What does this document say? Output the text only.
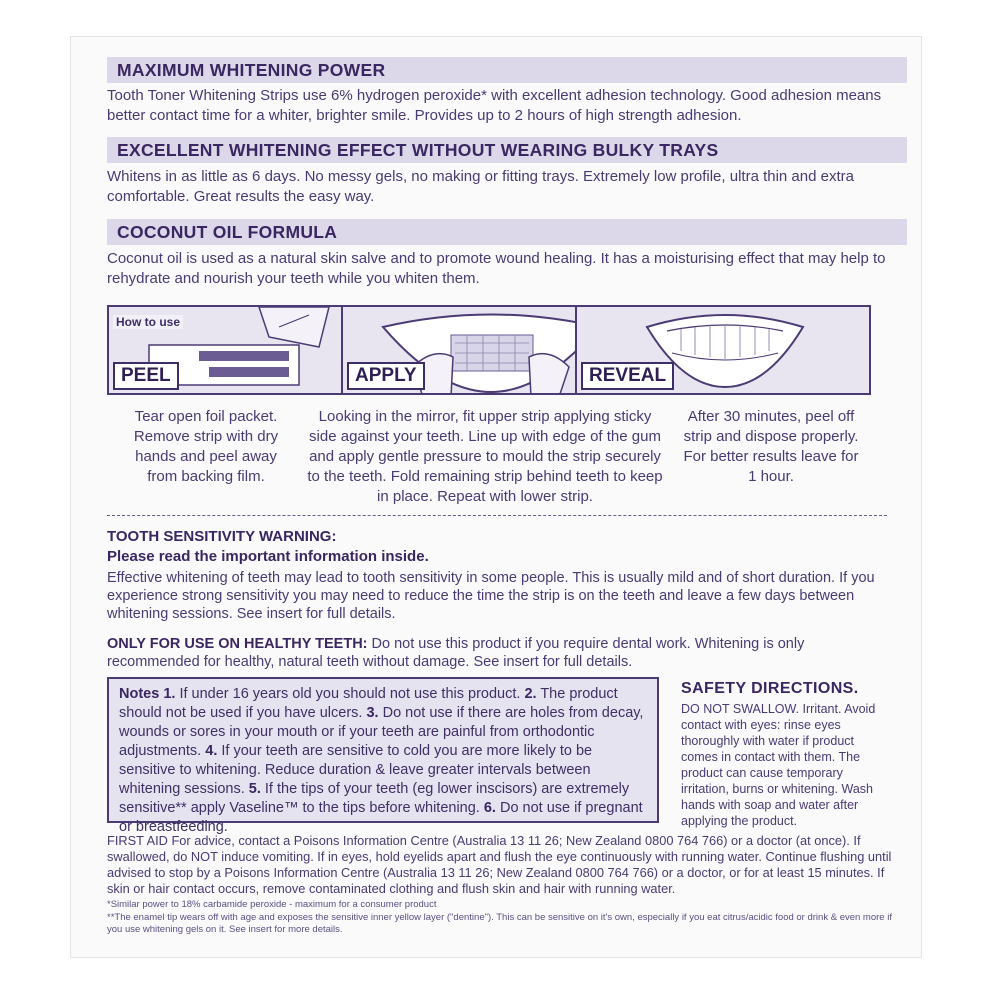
MAXIMUM WHITENING POWER
Tooth Toner Whitening Strips use 6% hydrogen peroxide* with excellent adhesion technology. Good adhesion means better contact time for a whiter, brighter smile. Provides up to 2 hours of high strength adhesion.
EXCELLENT WHITENING EFFECT WITHOUT WEARING BULKY TRAYS
Whitens in as little as 6 days. No messy gels, no making or fitting trays. Extremely low profile, ultra thin and extra comfortable. Great results the easy way.
COCONUT OIL FORMULA
Coconut oil is used as a natural skin salve and to promote wound healing. It has a moisturising effect that may help to rehydrate and nourish your teeth while you whiten them.
How to use
PEEL	APPLY	REVEAL
Tear open foil packet. Remove strip with dry hands and peel away from backing film.
Looking in the mirror, fit upper strip applying sticky side against your teeth. Line up with edge of the gum and apply gentle pressure to mould the strip securely to the teeth. Fold remaining strip behind teeth to keep in place. Repeat with lower strip.
After 30 minutes, peel off strip and dispose properly. For better results leave for 1 hour.
TOOTH SENSITIVITY WARNING:
Please read the important information inside.
Effective whitening of teeth may lead to tooth sensitivity in some people. This is usually mild and of short duration. If you experience strong sensitivity you may need to reduce the time the strip is on the teeth and leave a few days between whitening sessions. See insert for full details.
ONLY FOR USE ON HEALTHY TEETH: Do not use this product if you require dental work. Whitening is only recommended for healthy, natural teeth without damage. See insert for full details.
Notes 1. If under 16 years old you should not use this product. 2. The product should not be used if you have ulcers. 3. Do not use if there are holes from decay, wounds or sores in your mouth or if your teeth are painful from orthodontic adjustments. 4. If your teeth are sensitive to cold you are more likely to be sensitive to whitening. Reduce duration & leave greater intervals between whitening sessions. 5. If the tips of your teeth (eg lower inscisors) are extremely sensitive** apply Vaseline™ to the tips before whitening. 6. Do not use if pregnant or breastfeeding.
SAFETY DIRECTIONS.
DO NOT SWALLOW. Irritant. Avoid contact with eyes: rinse eyes thoroughly with water if product comes in contact with them. The product can cause temporary irritation, burns or whitening. Wash hands with soap and water after applying the product.
FIRST AID For advice, contact a Poisons Information Centre (Australia 13 11 26; New Zealand 0800 764 766) or a doctor (at once). If swallowed, do NOT induce vomiting. If in eyes, hold eyelids apart and flush the eye continuously with running water. Continue flushing until advised to stop by a Poisons Information Centre (Australia 13 11 26; New Zealand 0800 764 766) or a doctor, or for at least 15 minutes. If skin or hair contact occurs, remove contaminated clothing and flush skin and hair with running water.
*Similar power to 18% carbamide peroxide - maximum for a consumer product
**The enamel tip wears off with age and exposes the sensitive inner yellow layer ("dentine"). This can be sensitive on it's own, especially if you eat citrus/acidic food or drink & even more if you use whitening gels on it. See insert for more details.
